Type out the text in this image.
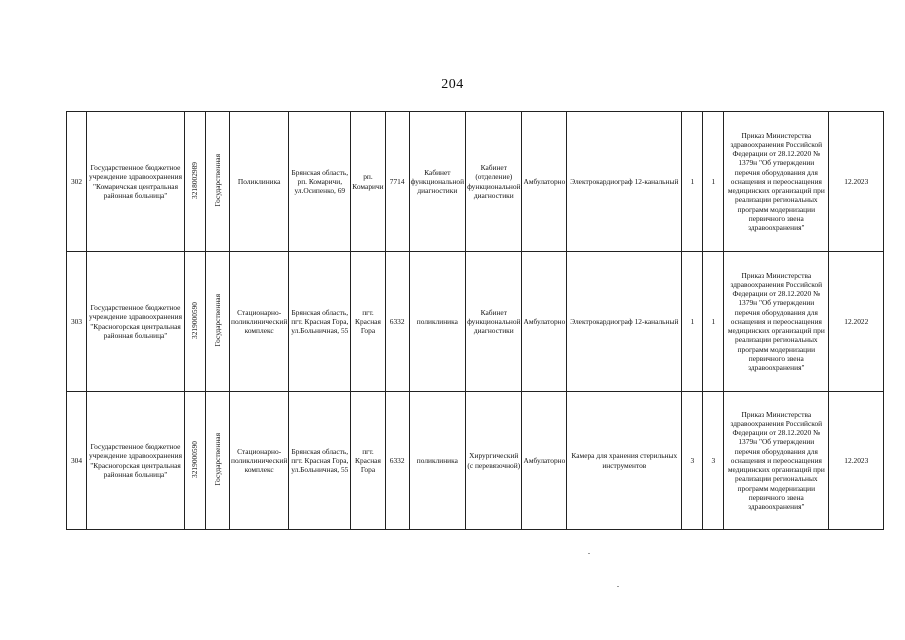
204
302	Государственное бюджетное учреждение здравоохранения "Комаричская центральная районная больница"	3218002989	Государственная	Поликлиника	Брянская область, рп. Комаричи, ул.Осипенко, 69	рп. Комаричи	7714	Кабинет функциональной диагностики	Кабинет (отделение) функциональной диагностики	Амбулаторно	Электрокардиограф 12-канальный	1	1	Приказ Министерства здравоохранения Российской Федерации от 28.12.2020 № 1379н "Об утверждении перечня оборудования для оснащения и переоснащения медицинских организаций при реализации региональных программ модернизации первичного звена здравоохранения"	12.2023
303	Государственное бюджетное учреждение здравоохранения "Красногорская центральная районная больница"	3219000590	Государственная	Стационарно-поликлинический комплекс	Брянская область, пгт. Красная Гора, ул.Больничная, 55	пгт. Красная Гора	6332	поликлиника	Кабинет функциональной диагностики	Амбулаторно	Электрокардиограф 12-канальный	1	1	Приказ Министерства здравоохранения Российской Федерации от 28.12.2020 № 1379н "Об утверждении перечня оборудования для оснащения и переоснащения медицинских организаций при реализации региональных программ модернизации первичного звена здравоохранения"	12.2022
304	Государственное бюджетное учреждение здравоохранения "Красногорская центральная районная больница"	3219000590	Государственная	Стационарно-поликлинический комплекс	Брянская область, пгт. Красная Гора, ул.Больничная, 55	пгт. Красная Гора	6332	поликлиника	Хирургический (с перевязочной)	Амбулаторно	Камера для хранения стерильных инструментов	3	3	Приказ Министерства здравоохранения Российской Федерации от 28.12.2020 № 1379н "Об утверждении перечня оборудования для оснащения и переоснащения медицинских организаций при реализации региональных программ модернизации первичного звена здравоохранения"	12.2023
